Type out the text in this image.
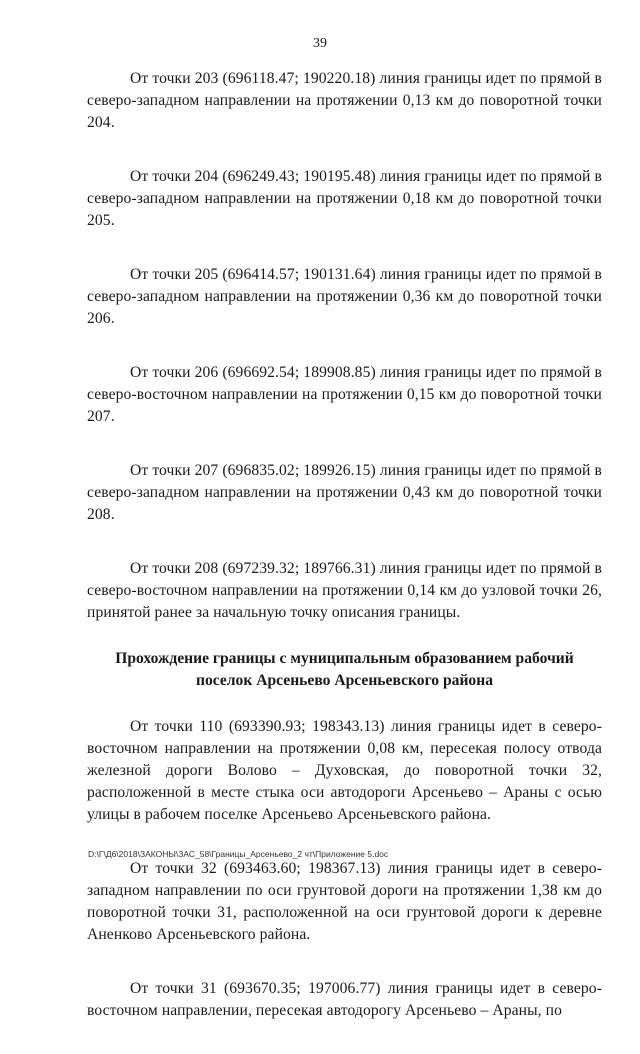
39

От точки 203 (696118.47; 190220.18) линия границы идет по прямой в северо-западном направлении на протяжении 0,13 км до поворотной точки 204.

От точки 204 (696249.43; 190195.48) линия границы идет по прямой в северо-западном направлении на протяжении 0,18 км до поворотной точки 205.

От точки 205 (696414.57; 190131.64) линия границы идет по прямой в северо-западном направлении на протяжении 0,36 км до поворотной точки 206.

От точки 206 (696692.54; 189908.85) линия границы идет по прямой в северо-восточном направлении на протяжении 0,15 км до поворотной точки 207.

От точки 207 (696835.02; 189926.15) линия границы идет по прямой в северо-западном направлении на протяжении 0,43 км до поворотной точки 208.

От точки 208 (697239.32; 189766.31) линия границы идет по прямой в северо-восточном направлении на протяжении 0,14 км до узловой точки 26, принятой ранее за начальную точку описания границы.

Прохождение границы с муниципальным образованием рабочий поселок Арсеньево Арсеньевского района

От точки 110 (693390.93; 198343.13) линия границы идет в северо-восточном направлении на протяжении 0,08 км, пересекая полосу отвода железной дороги Волово – Духовская, до поворотной точки 32, расположенной в месте стыка оси автодороги Арсеньево – Араны с осью улицы в рабочем поселке Арсеньево Арсеньевского района.

От точки 32 (693463.60; 198367.13) линия границы идет в северо-западном направлении по оси грунтовой дороги на протяжении 1,38 км до поворотной точки 31, расположенной на оси грунтовой дороги к деревне Аненково Арсеньевского района.

От точки 31 (693670.35; 197006.77) линия границы идет в северо-восточном направлении, пересекая автодорогу Арсеньево – Араны, по

D:\Г\Д6\2018\ЗАКОНЫ\ЗАС_58\Границы_Арсеньево_2 чт\Приложение 5.doc
